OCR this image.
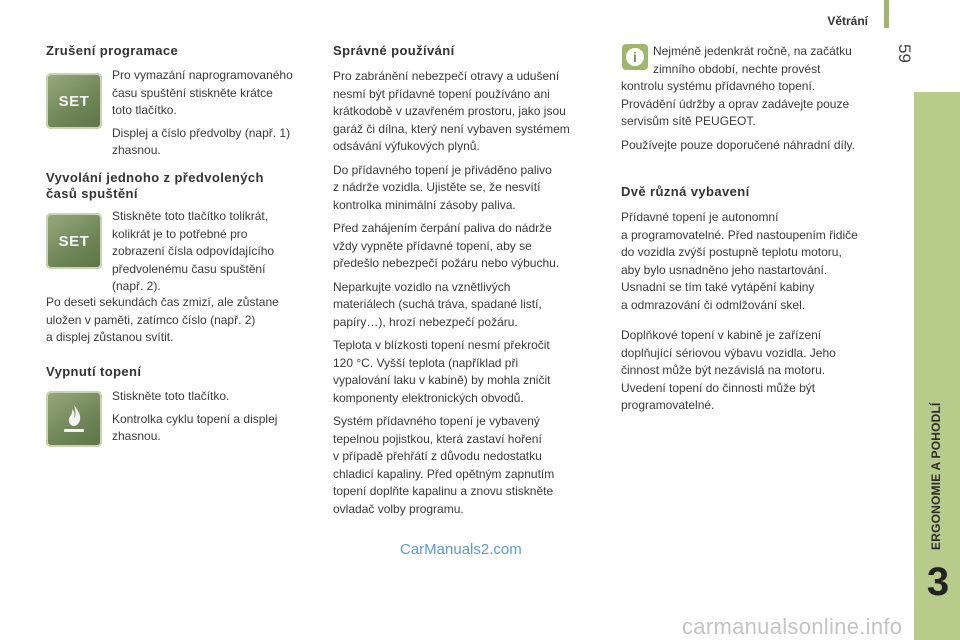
Větrání
59
ERGONOMIE A POHODLÍ
3
Zrušení programace
SET

Pro vymazání naprogramovaného

času spuštění stiskněte krátce

toto tlačítko.

Displej a číslo předvolby (např. 1)

zhasnou.

Vyvolání jednoho z předvolených
časů spuštění
SET

Stiskněte toto tlačítko tolikrát,

kolikrát je to potřebné pro

zobrazení čísla odpovídajícího

předvolenému času spuštění

(např. 2).

Po deseti sekundách čas zmizí, ale zůstane

uložen v paměti, zatímco číslo (např. 2)

a displej zůstanou svítit.

Vypnutí topení

Stiskněte toto tlačítko.

Kontrolka cyklu topení a displej

zhasnou.

Správné používání

Pro zabránění nebezpečí otravy a udušení

nesmí být přídavné topení používáno ani

krátkodobě v uzavřeném prostoru, jako jsou

garáž či dílna, který není vybaven systémem

odsávání výfukových plynů.

Do přídavného topení je přiváděno palivo

z nádrže vozidla. Ujistěte se, že nesvítí

kontrolka minimální zásoby paliva.

Před zahájením čerpání paliva do nádrže

vždy vypněte přídavné topení, aby se

předešlo nebezpečí požáru nebo výbuchu.

Neparkujte vozidlo na vznětlivých

materiálech (suchá tráva, spadané listí,

papíry…), hrozí nebezpečí požáru.

Teplota v blízkosti topení nesmí překročit

120 °C. Vyšší teplota (například při

vypalování laku v kabině) by mohla zničit

komponenty elektronických obvodů.

Systém přídavného topení je vybavený

tepelnou pojistkou, která zastaví hoření

v případě přehřátí z důvodu nedostatku

chladicí kapaliny. Před opětným zapnutím

topení doplňte kapalinu a znovu stiskněte

ovladač volby programu.

i	Nejméně jedenkrát ročně, na začátku

zimního období, nechte provést

kontrolu systému přídavného topení.

Provádění údržby a oprav zadávejte pouze

servisům sítě PEUGEOT.

Používejte pouze doporučené náhradní díly.

Dvě různá vybavení

Přídavné topení je autonomní

a programovatelné. Před nastoupením řidiče

do vozidla zvýší postupně teplotu motoru,

aby bylo usnadněno jeho nastartování.

Usnadní se tím také vytápění kabiny

a odmrazování či odmlžování skel.

Doplňkové topení v kabině je zařízení

doplňující sériovou výbavu vozidla. Jeho

činnost může být nezávislá na motoru.

Uvedení topení do činnosti může být

programovatelné.

CarManuals2.com
carmanualsonline.info
